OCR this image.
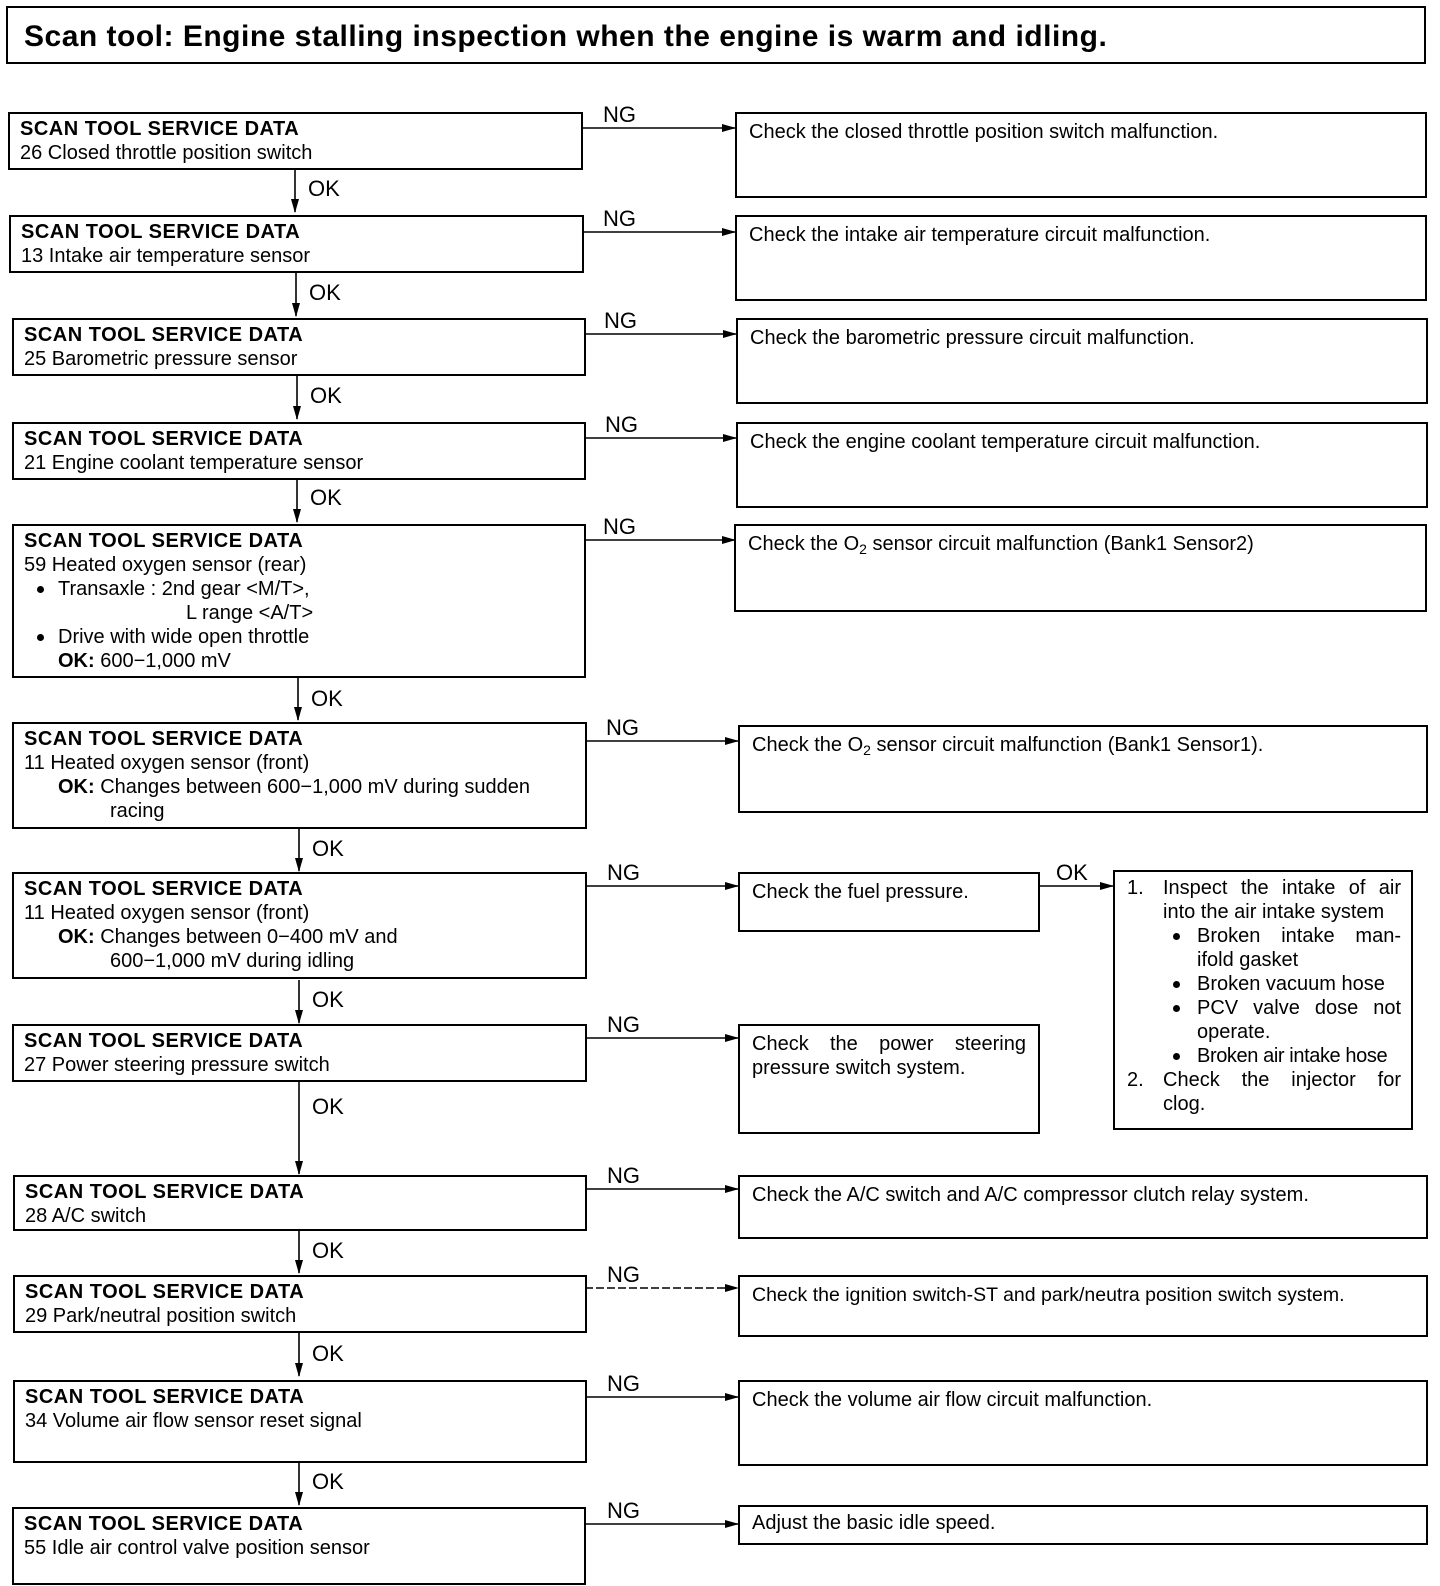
Scan tool: Engine stalling inspection when the engine is warm and idling.
NG
NG
NG
NG
NG
NG
NG	OK
NG
NG
NG
NG
NG
OK
OK
OK
OK
OK
OK
OK
OK
OK
OK
OK
SCAN TOOL SERVICE DATA
26 Closed throttle position switch
SCAN TOOL SERVICE DATA
13 Intake air temperature sensor
SCAN TOOL SERVICE DATA
25 Barometric pressure sensor
SCAN TOOL SERVICE DATA
21 Engine coolant temperature sensor
SCAN TOOL SERVICE DATA
59 Heated oxygen sensor (rear)
Transaxle : 2nd gear <M/T>,
L range <A/T>
Drive with wide open throttle
OK: 600−1,000 mV
SCAN TOOL SERVICE DATA
11 Heated oxygen sensor (front)
OK: Changes between 600−1,000 mV during sudden
racing
SCAN TOOL SERVICE DATA
11 Heated oxygen sensor (front)
OK: Changes between 0−400 mV and
600−1,000 mV during idling
SCAN TOOL SERVICE DATA
27 Power steering pressure switch
SCAN TOOL SERVICE DATA
28 A/C switch
SCAN TOOL SERVICE DATA
29 Park/neutral position switch
SCAN TOOL SERVICE DATA
34 Volume air flow sensor reset signal
SCAN TOOL SERVICE DATA
55 Idle air control valve position sensor
Check the closed throttle position switch malfunction.
Check the intake air temperature circuit malfunction.
Check the barometric pressure circuit malfunction.
Check the engine coolant temperature circuit malfunction.
Check the $O_2$ sensor circuit malfunction (Bank1 Sensor2)
Check the $O_2$ sensor circuit malfunction (Bank1 Sensor1).
Check the fuel pressure.
Check the power steering
pressure switch system.
Check the A/C switch and A/C compressor clutch relay system.
Check the ignition switch-ST and park/neutra position switch system.
Check the volume air flow circuit malfunction.
Adjust the basic idle speed.
1. Inspect the intake of air
into the air intake system
Broken intake man-
ifold gasket
Broken vacuum hose
PCV valve dose not
operate.
Broken air intake hose
2. Check the injector for
clog.
